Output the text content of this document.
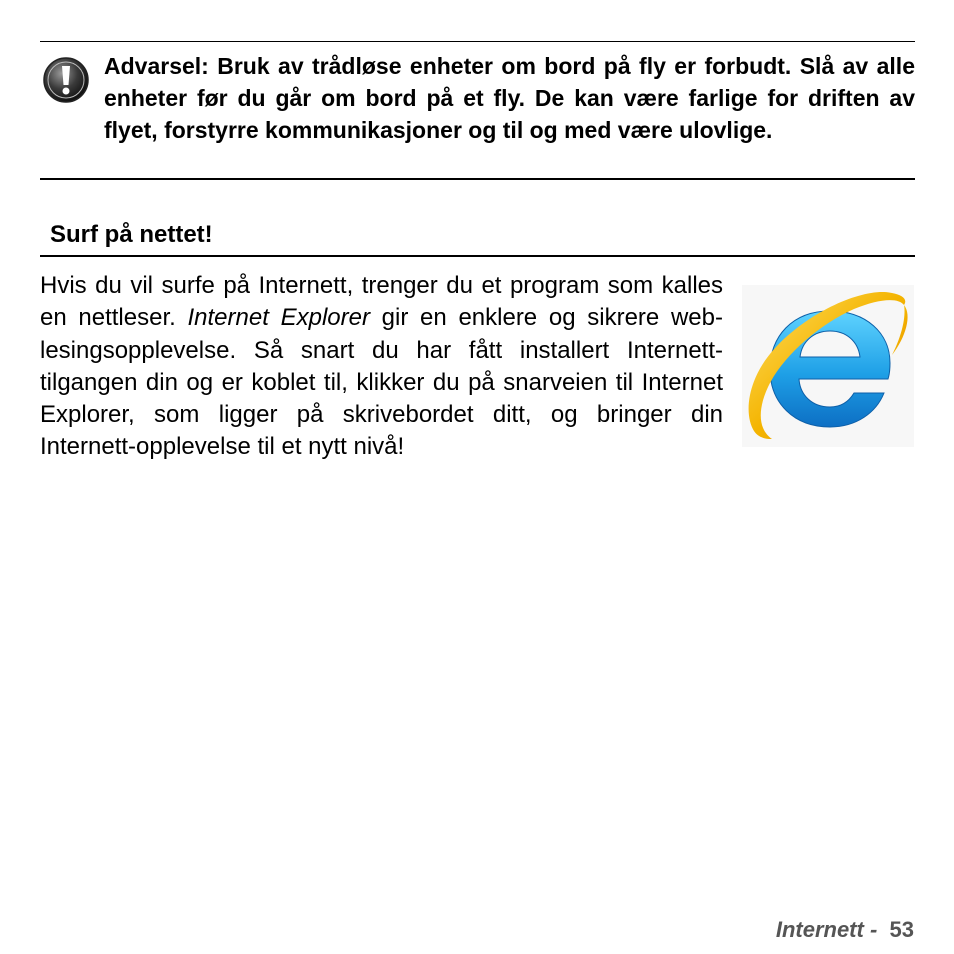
Advarsel: Bruk av trådløse enheter om bord på fly er forbudt. Slå av alle enheter før du går om bord på et fly. De kan være farlige for driften av flyet, forstyrre kommunikasjoner og til og med være ulovlige.
Surf på nettet!
Hvis du vil surfe på Internett, trenger du et program som kalles en nettleser. Internet Explorer gir en enklere og sikrere web-lesingsopplevelse. Så snart du har fått installert Internett-tilgangen din og er koblet til, klikker du på snarveien til Internet Explorer, som ligger på skrivebordet ditt, og bringer din Internett-opplevelse til et nytt nivå!
Internett -  53
